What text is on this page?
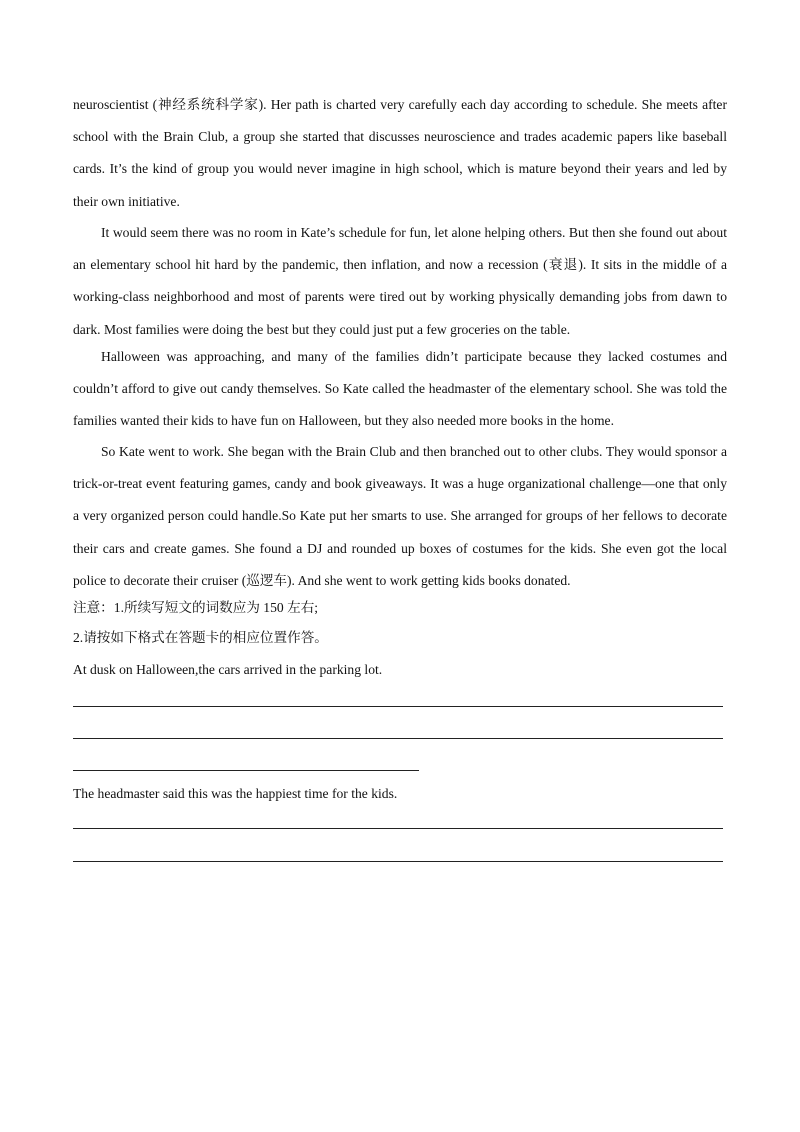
neuroscientist (神经系统科学家). Her path is charted very carefully each day according to schedule. She meets after school with the Brain Club, a group she started that discusses neuroscience and trades academic papers like baseball cards. It’s the kind of group you would never imagine in high school, which is mature beyond their years and led by their own initiative.

It would seem there was no room in Kate’s schedule for fun, let alone helping others. But then she found out about an elementary school hit hard by the pandemic, then inflation, and now a recession (衰退). It sits in the middle of a working-class neighborhood and most of parents were tired out by working physically demanding jobs from dawn to dark. Most families were doing the best but they could just put a few groceries on the table.

Halloween was approaching, and many of the families didn’t participate because they lacked costumes and couldn’t afford to give out candy themselves. So Kate called the headmaster of the elementary school. She was told the families wanted their kids to have fun on Halloween, but they also needed more books in the home.

So Kate went to work. She began with the Brain Club and then branched out to other clubs. They would sponsor a trick-or-treat event featuring games, candy and book giveaways. It was a huge organizational challenge—one that only a very organized person could handle.So Kate put her smarts to use. She arranged for groups of her fellows to decorate their cars and create games. She found a DJ and rounded up boxes of costumes for the kids. She even got the local police to decorate their cruiser (巡逻车). And she went to work getting kids books donated.

注意：1.所续写短文的词数应为 150 左右;

2.请按如下格式在答题卡的相应位置作答。

At dusk on Halloween,the cars arrived in the parking lot.

The headmaster said this was the happiest time for the kids.
